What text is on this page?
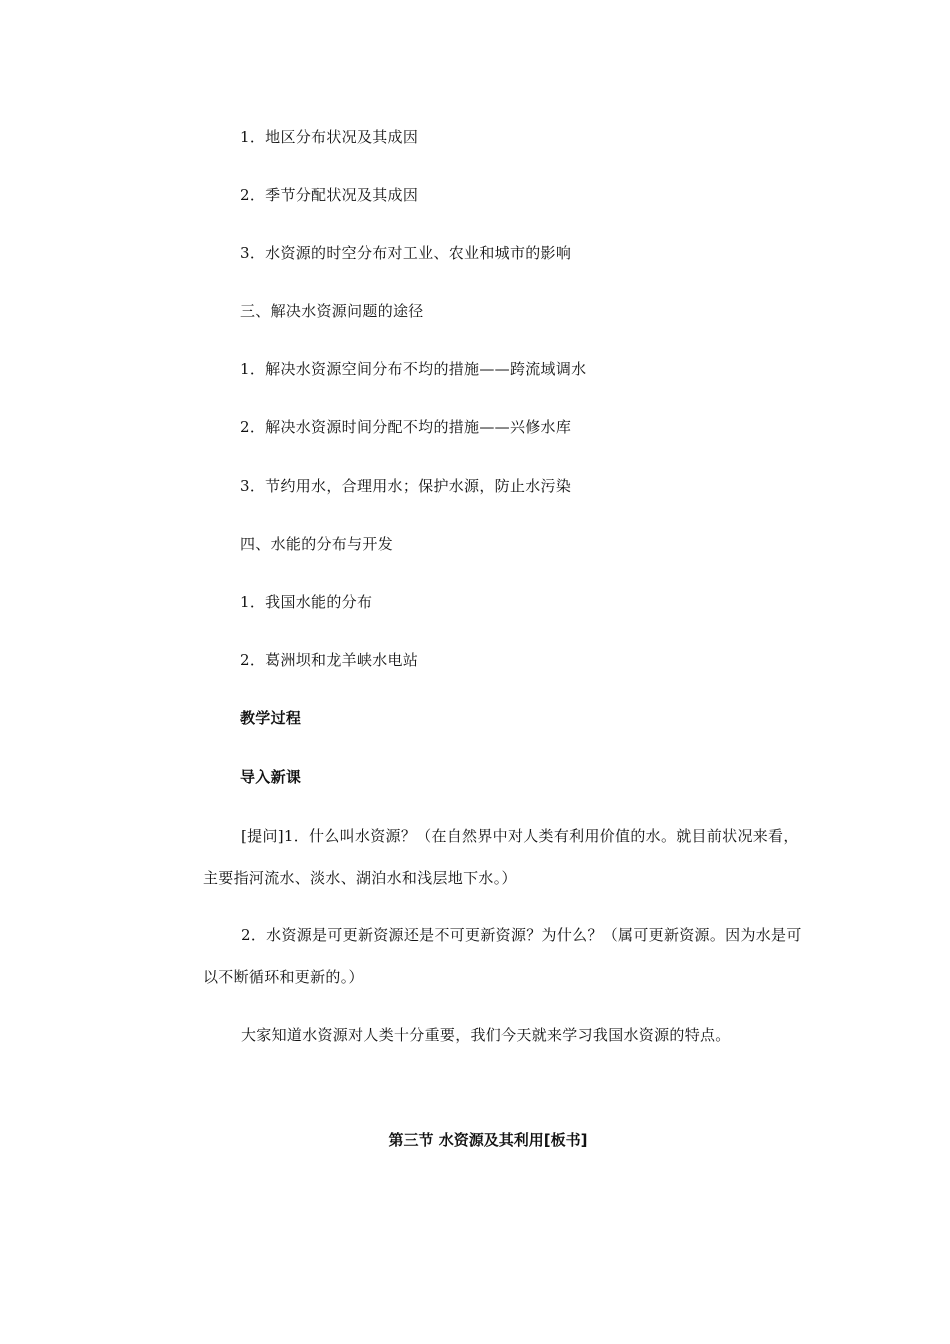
1．地区分布状况及其成因
2．季节分配状况及其成因
3．水资源的时空分布对工业、农业和城市的影响
三、解决水资源问题的途径
1．解决水资源空间分布不均的措施——跨流域调水
2．解决水资源时间分配不均的措施——兴修水库
3．节约用水，合理用水；保护水源，防止水污染
四、水能的分布与开发
1．我国水能的分布
2．葛洲坝和龙羊峡水电站
教学过程
导入新课

[提问]1．什么叫水资源？（在自然界中对人类有利用价值的水。就目前状况来看，主要指河流水、淡水、湖泊水和浅层地下水。）

2．水资源是可更新资源还是不可更新资源？为什么？（属可更新资源。因为水是可以不断循环和更新的。）

大家知道水资源对人类十分重要，我们今天就来学习我国水资源的特点。

第三节 水资源及其利用[板书]
